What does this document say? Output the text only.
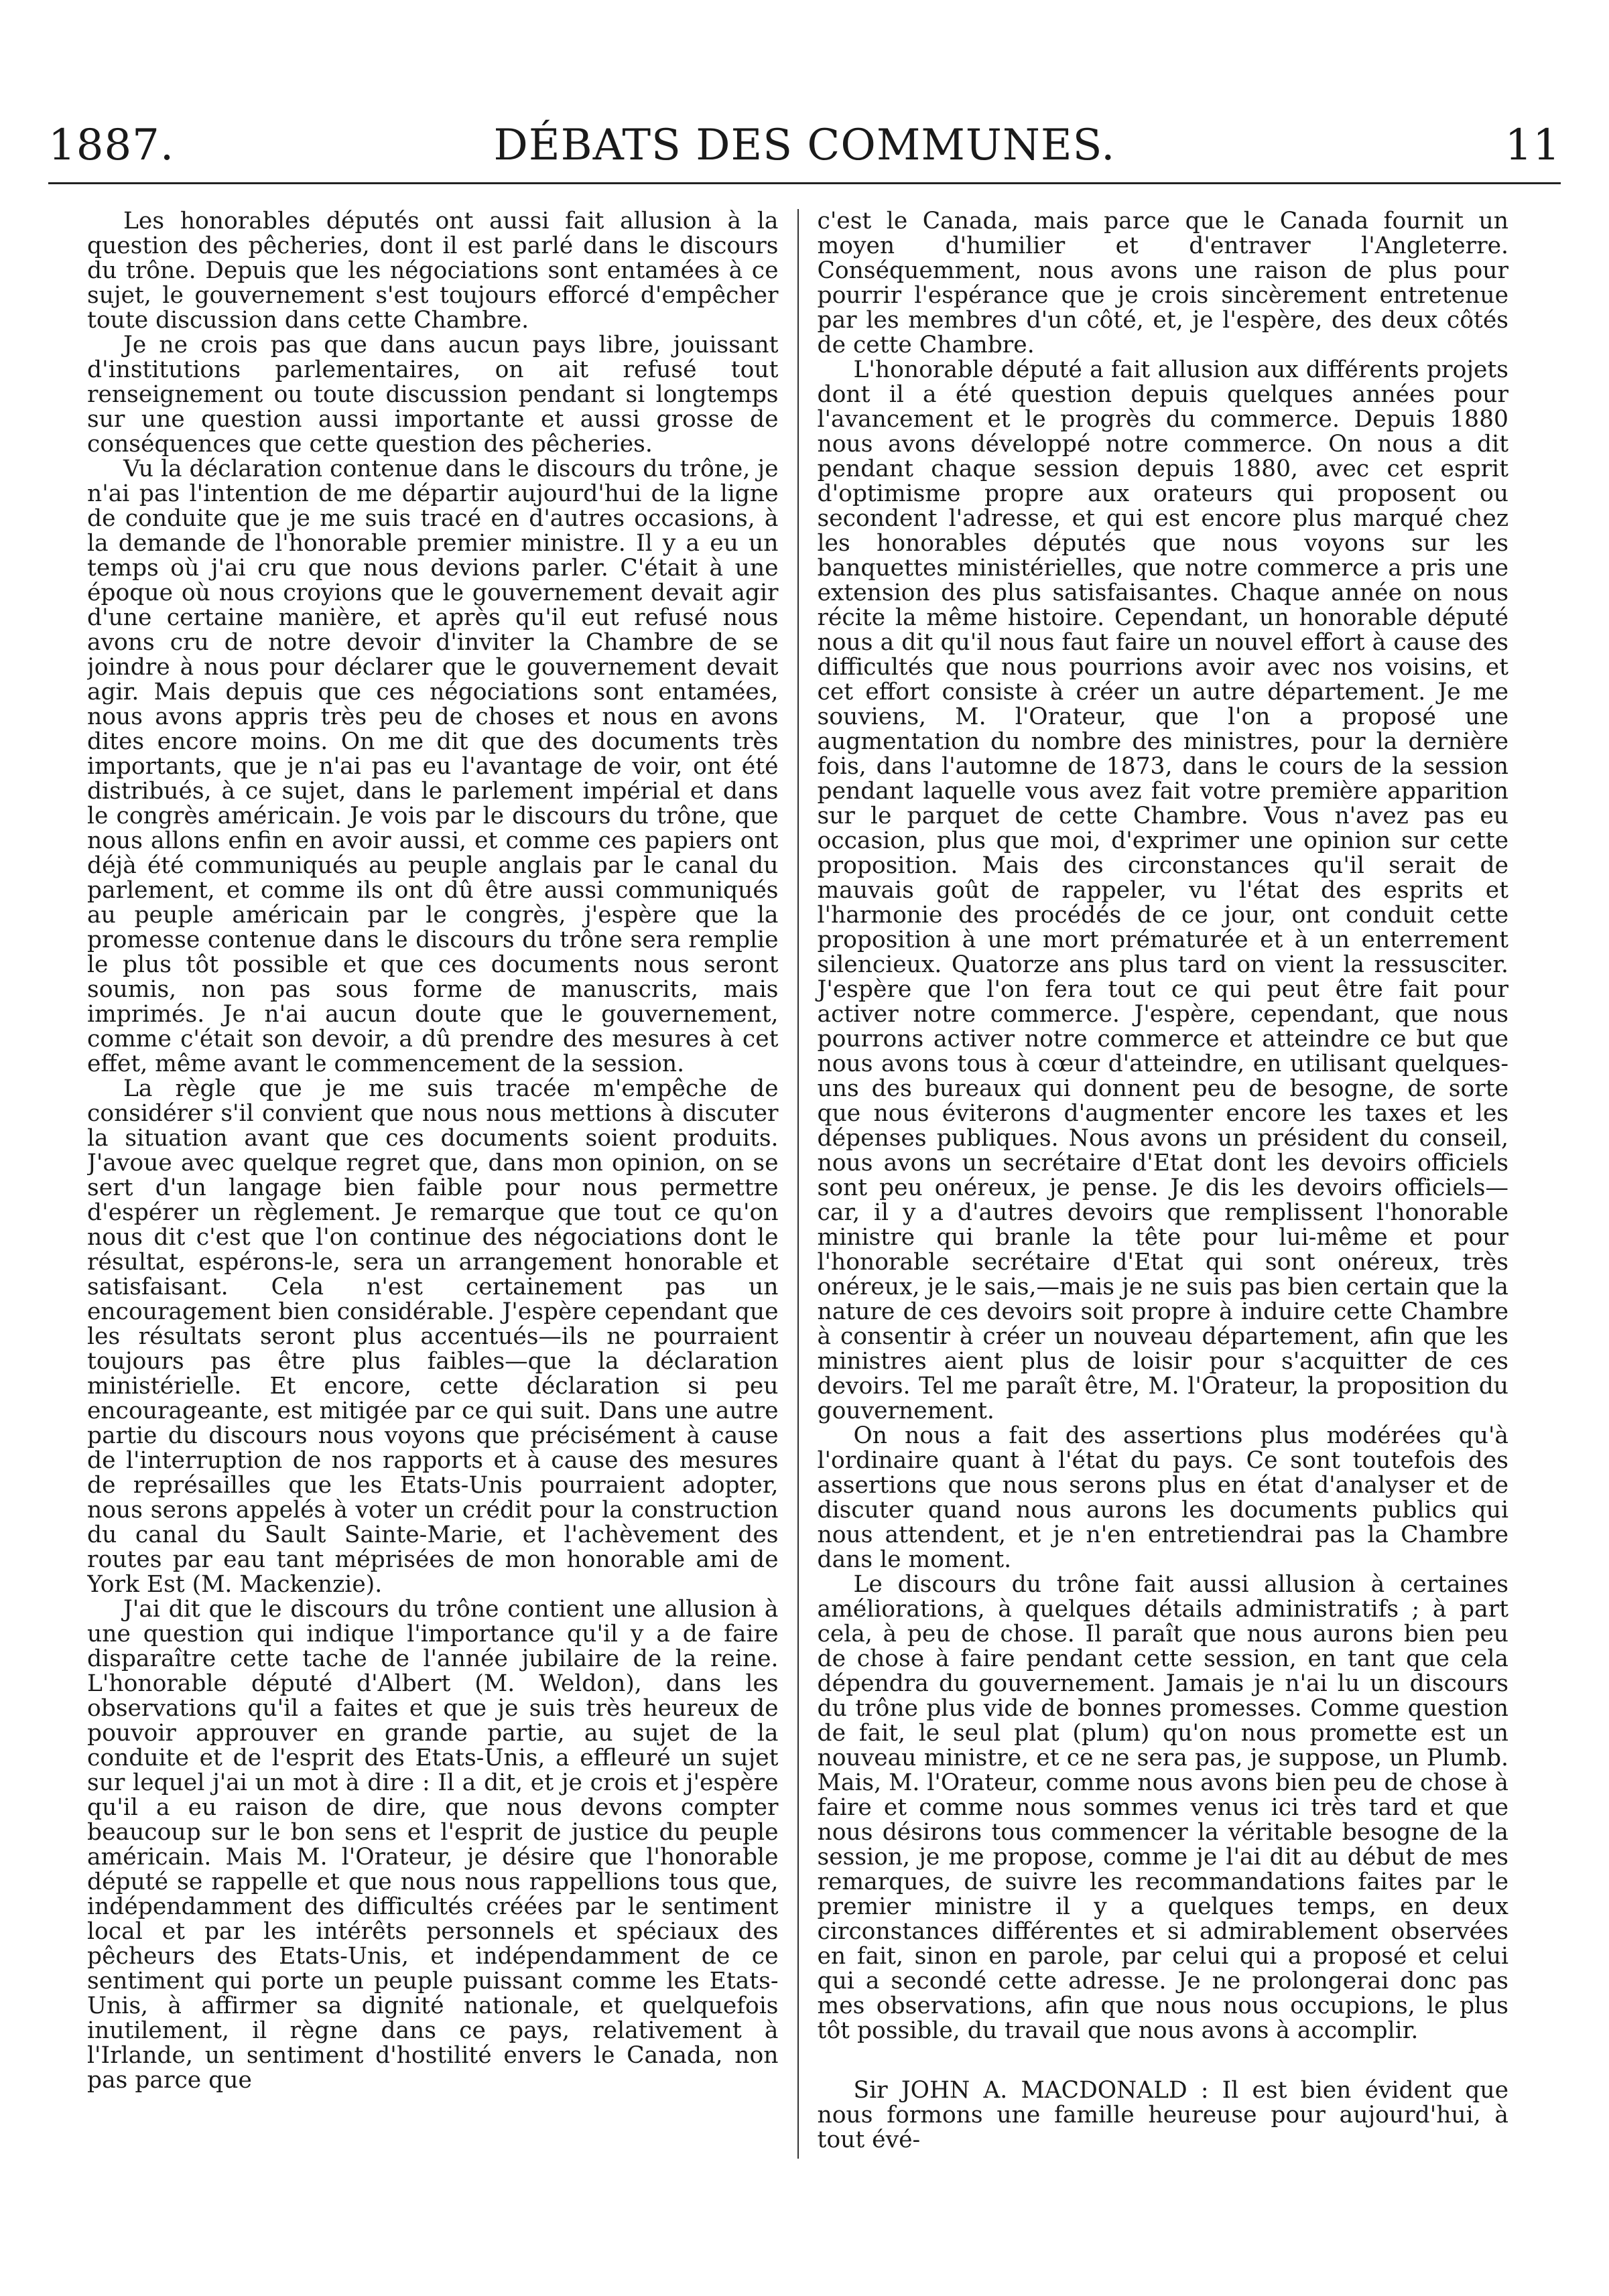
1887.	DÉBATS DES COMMUNES.	11

Les honorables députés ont aussi fait allusion à la question des pêcheries, dont il est parlé dans le discours du trône. Depuis que les négociations sont entamées à ce sujet, le gouvernement s'est toujours efforcé d'empêcher toute discussion dans cette Chambre.

Je ne crois pas que dans aucun pays libre, jouissant d'institutions parlementaires, on ait refusé tout renseignement ou toute discussion pendant si longtemps sur une question aussi importante et aussi grosse de conséquences que cette question des pêcheries.

Vu la déclaration contenue dans le discours du trône, je n'ai pas l'intention de me départir aujourd'hui de la ligne de conduite que je me suis tracé en d'autres occasions, à la demande de l'honorable premier ministre. Il y a eu un temps où j'ai cru que nous devions parler. C'était à une époque où nous croyions que le gouvernement devait agir d'une certaine manière, et après qu'il eut refusé nous avons cru de notre devoir d'inviter la Chambre de se joindre à nous pour déclarer que le gouvernement devait agir. Mais depuis que ces négociations sont entamées, nous avons appris très peu de choses et nous en avons dites encore moins. On me dit que des documents très importants, que je n'ai pas eu l'avantage de voir, ont été distribués, à ce sujet, dans le parlement impérial et dans le congrès américain. Je vois par le discours du trône, que nous allons enfin en avoir aussi, et comme ces papiers ont déjà été communiqués au peuple anglais par le canal du parlement, et comme ils ont dû être aussi communiqués au peuple américain par le congrès, j'espère que la promesse contenue dans le discours du trône sera remplie le plus tôt possible et que ces documents nous seront soumis, non pas sous forme de manuscrits, mais imprimés. Je n'ai aucun doute que le gouvernement, comme c'était son devoir, a dû prendre des mesures à cet effet, même avant le commencement de la session.

La règle que je me suis tracée m'empêche de considérer s'il convient que nous nous mettions à discuter la situation avant que ces documents soient produits. J'avoue avec quelque regret que, dans mon opinion, on se sert d'un langage bien faible pour nous permettre d'espérer un règlement. Je remarque que tout ce qu'on nous dit c'est que l'on continue des négociations dont le résultat, espérons-le, sera un arrangement honorable et satisfaisant. Cela n'est certainement pas un encouragement bien considérable. J'espère cependant que les résultats seront plus accentués—ils ne pourraient toujours pas être plus faibles—que la déclaration ministérielle. Et encore, cette déclaration si peu encourageante, est mitigée par ce qui suit. Dans une autre partie du discours nous voyons que précisément à cause de l'interruption de nos rapports et à cause des mesures de représailles que les Etats-Unis pourraient adopter, nous serons appelés à voter un crédit pour la construction du canal du Sault Sainte-Marie, et l'achèvement des routes par eau tant méprisées de mon honorable ami de York Est (M. Mackenzie).

J'ai dit que le discours du trône contient une allusion à une question qui indique l'importance qu'il y a de faire disparaître cette tache de l'année jubilaire de la reine. L'honorable député d'Albert (M. Weldon), dans les observations qu'il a faites et que je suis très heureux de pouvoir approuver en grande partie, au sujet de la conduite et de l'esprit des Etats-Unis, a effleuré un sujet sur lequel j'ai un mot à dire : Il a dit, et je crois et j'espère qu'il a eu raison de dire, que nous devons compter beaucoup sur le bon sens et l'esprit de justice du peuple américain. Mais M. l'Orateur, je désire que l'honorable député se rappelle et que nous nous rappellions tous que, indépendamment des difficultés créées par le sentiment local et par les intérêts personnels et spéciaux des pêcheurs des Etats-Unis, et indépendamment de ce sentiment qui porte un peuple puissant comme les Etats-Unis, à affirmer sa dignité nationale, et quelquefois inutilement, il règne dans ce pays, relativement à l'Irlande, un sentiment d'hostilité envers le Canada, non pas parce que

c'est le Canada, mais parce que le Canada fournit un moyen d'humilier et d'entraver l'Angleterre. Conséquemment, nous avons une raison de plus pour pourrir l'espérance que je crois sincèrement entretenue par les membres d'un côté, et, je l'espère, des deux côtés de cette Chambre.

L'honorable député a fait allusion aux différents projets dont il a été question depuis quelques années pour l'avancement et le progrès du commerce. Depuis 1880 nous avons développé notre commerce. On nous a dit pendant chaque session depuis 1880, avec cet esprit d'optimisme propre aux orateurs qui proposent ou secondent l'adresse, et qui est encore plus marqué chez les honorables députés que nous voyons sur les banquettes ministérielles, que notre commerce a pris une extension des plus satisfaisantes. Chaque année on nous récite la même histoire. Cependant, un honorable député nous a dit qu'il nous faut faire un nouvel effort à cause des difficultés que nous pourrions avoir avec nos voisins, et cet effort consiste à créer un autre département. Je me souviens, M. l'Orateur, que l'on a proposé une augmentation du nombre des ministres, pour la dernière fois, dans l'automne de 1873, dans le cours de la session pendant laquelle vous avez fait votre première apparition sur le parquet de cette Chambre. Vous n'avez pas eu occasion, plus que moi, d'exprimer une opinion sur cette proposition. Mais des circonstances qu'il serait de mauvais goût de rappeler, vu l'état des esprits et l'harmonie des procédés de ce jour, ont conduit cette proposition à une mort prématurée et à un enterrement silencieux. Quatorze ans plus tard on vient la ressusciter. J'espère que l'on fera tout ce qui peut être fait pour activer notre commerce. J'espère, cependant, que nous pourrons activer notre commerce et atteindre ce but que nous avons tous à cœur d'atteindre, en utilisant quelques-uns des bureaux qui donnent peu de besogne, de sorte que nous éviterons d'augmenter encore les taxes et les dépenses publiques. Nous avons un président du conseil, nous avons un secrétaire d'Etat dont les devoirs officiels sont peu onéreux, je pense. Je dis les devoirs officiels—car, il y a d'autres devoirs que remplissent l'honorable ministre qui branle la tête pour lui-même et pour l'honorable secrétaire d'Etat qui sont onéreux, très onéreux, je le sais,—mais je ne suis pas bien certain que la nature de ces devoirs soit propre à induire cette Chambre à consentir à créer un nouveau département, afin que les ministres aient plus de loisir pour s'acquitter de ces devoirs. Tel me paraît être, M. l'Orateur, la proposition du gouvernement.

On nous a fait des assertions plus modérées qu'à l'ordinaire quant à l'état du pays. Ce sont toutefois des assertions que nous serons plus en état d'analyser et de discuter quand nous aurons les documents publics qui nous attendent, et je n'en entretiendrai pas la Chambre dans le moment.

Le discours du trône fait aussi allusion à certaines améliorations, à quelques détails administratifs ; à part cela, à peu de chose. Il paraît que nous aurons bien peu de chose à faire pendant cette session, en tant que cela dépendra du gouvernement. Jamais je n'ai lu un discours du trône plus vide de bonnes promesses. Comme question de fait, le seul plat (plum) qu'on nous promette est un nouveau ministre, et ce ne sera pas, je suppose, un Plumb. Mais, M. l'Orateur, comme nous avons bien peu de chose à faire et comme nous sommes venus ici très tard et que nous désirons tous commencer la véritable besogne de la session, je me propose, comme je l'ai dit au début de mes remarques, de suivre les recommandations faites par le premier ministre il y a quelques temps, en deux circonstances différentes et si admirablement observées en fait, sinon en parole, par celui qui a proposé et celui qui a secondé cette adresse. Je ne prolongerai donc pas mes observations, afin que nous nous occupions, le plus tôt possible, du travail que nous avons à accomplir.

Sir JOHN A. MACDONALD : Il est bien évident que nous formons une famille heureuse pour aujourd'hui, à tout évé-
